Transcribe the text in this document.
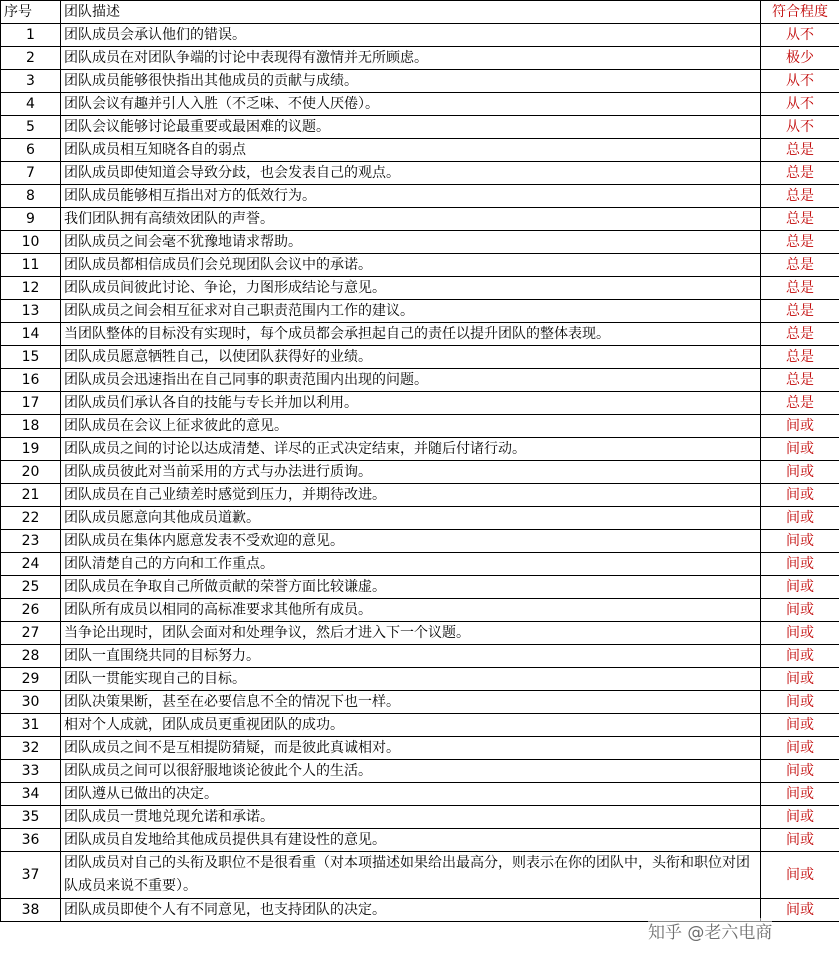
序号	团队描述	符合程度
1	团队成员会承认他们的错误。	从不
2	团队成员在对团队争端的讨论中表现得有激情并无所顾虑。	极少
3	团队成员能够很快指出其他成员的贡献与成绩。	从不
4	团队会议有趣并引人入胜（不乏味、不使人厌倦）。	从不
5	团队会议能够讨论最重要或最困难的议题。	从不
6	团队成员相互知晓各自的弱点	总是
7	团队成员即使知道会导致分歧，也会发表自己的观点。	总是
8	团队成员能够相互指出对方的低效行为。	总是
9	我们团队拥有高绩效团队的声誉。	总是
10	团队成员之间会毫不犹豫地请求帮助。	总是
11	团队成员都相信成员们会兑现团队会议中的承诺。	总是
12	团队成员间彼此讨论、争论，力图形成结论与意见。	总是
13	团队成员之间会相互征求对自己职责范围内工作的建议。	总是
14	当团队整体的目标没有实现时，每个成员都会承担起自己的责任以提升团队的整体表现。	总是
15	团队成员愿意牺牲自己，以使团队获得好的业绩。	总是
16	团队成员会迅速指出在自己同事的职责范围内出现的问题。	总是
17	团队成员们承认各自的技能与专长并加以利用。	总是
18	团队成员在会议上征求彼此的意见。	间或
19	团队成员之间的讨论以达成清楚、详尽的正式决定结束，并随后付诸行动。	间或
20	团队成员彼此对当前采用的方式与办法进行质询。	间或
21	团队成员在自己业绩差时感觉到压力，并期待改进。	间或
22	团队成员愿意向其他成员道歉。	间或
23	团队成员在集体内愿意发表不受欢迎的意见。	间或
24	团队清楚自己的方向和工作重点。	间或
25	团队成员在争取自己所做贡献的荣誉方面比较谦虚。	间或
26	团队所有成员以相同的高标准要求其他所有成员。	间或
27	当争论出现时，团队会面对和处理争议，然后才进入下一个议题。	间或
28	团队一直围绕共同的目标努力。	间或
29	团队一贯能实现自己的目标。	间或
30	团队决策果断，甚至在必要信息不全的情况下也一样。	间或
31	相对个人成就，团队成员更重视团队的成功。	间或
32	团队成员之间不是互相提防猜疑，而是彼此真诚相对。	间或
33	团队成员之间可以很舒服地谈论彼此个人的生活。	间或
34	团队遵从已做出的决定。	间或
35	团队成员一贯地兑现允诺和承诺。	间或
36	团队成员自发地给其他成员提供具有建设性的意见。	间或
37	团队成员对自己的头衔及职位不是很看重（对本项描述如果给出最高分，则表示在你的团队中，头衔和职位对团队成员来说不重要）。	间或
38	团队成员即使个人有不同意见，也支持团队的决定。	间或
知乎 @老六电商
